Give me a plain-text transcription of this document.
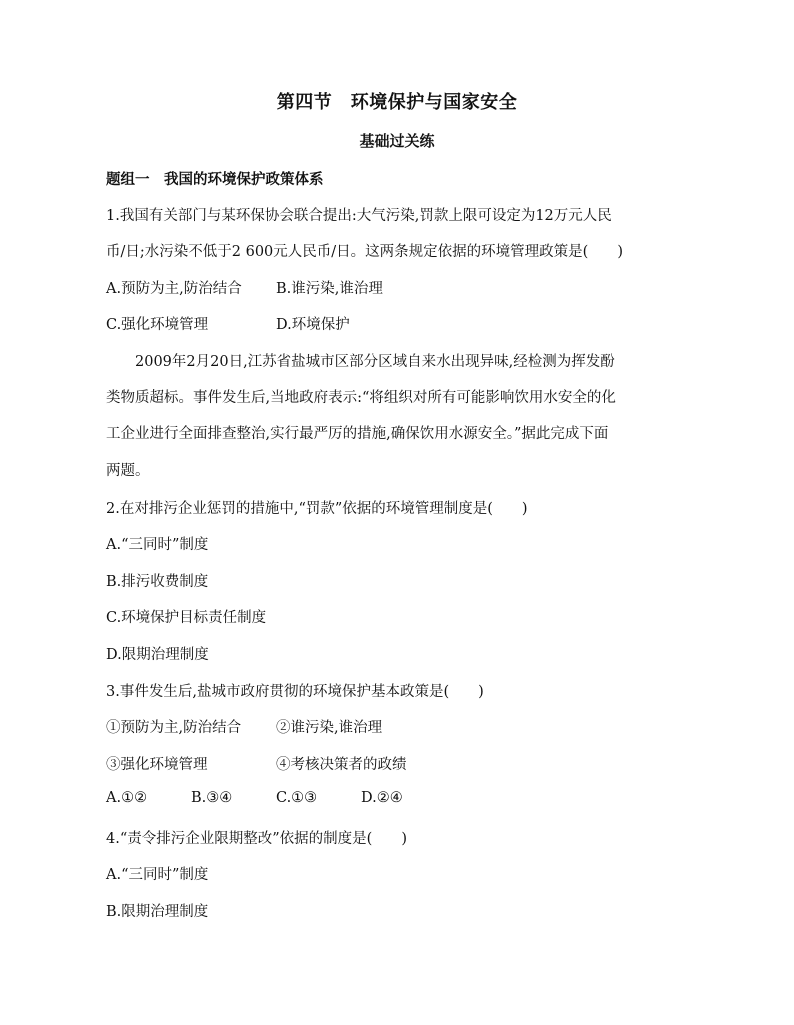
第四节　环境保护与国家安全
基础过关练
题组一　我国的环境保护政策体系
1.我国有关部门与某环保协会联合提出:大气污染,罚款上限可设定为12万元人民
币/日;水污染不低于2 600元人民币/日。这两条规定依据的环境管理政策是(　　)
A.预防为主,防治结合 B.谁污染,谁治理
C.强化环境管理	D.环境保护
　　2009年2月20日,江苏省盐城市区部分区域自来水出现异味,经检测为挥发酚
类物质超标。事件发生后,当地政府表示:“将组织对所有可能影响饮用水安全的化
工企业进行全面排查整治,实行最严厉的措施,确保饮用水源安全。”据此完成下面
两题。
2.在对排污企业惩罚的措施中,“罚款”依据的环境管理制度是(　　)
A.“三同时”制度
B.排污收费制度
C.环境保护目标责任制度
D.限期治理制度
3.事件发生后,盐城市政府贯彻的环境保护基本政策是(　　)
①预防为主,防治结合 ②谁污染,谁治理
③强化环境管理	④考核决策者的政绩
A.①②	B.③④	C.①③	D.②④
4.“责令排污企业限期整改”依据的制度是(　　)
A.“三同时”制度
B.限期治理制度
